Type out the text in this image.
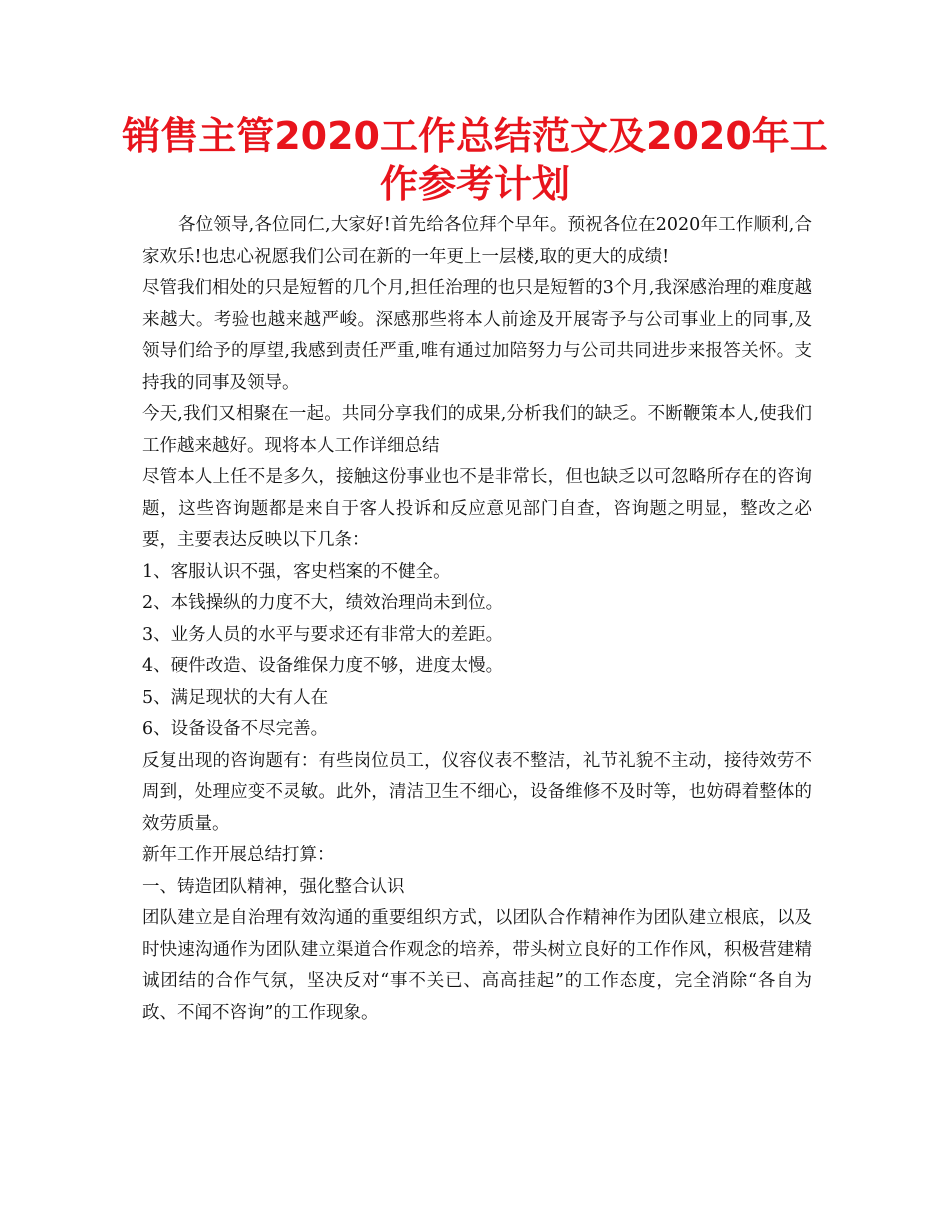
销售主管2020工作总结范文及2020年工作参考计划

各位领导,各位同仁,大家好!首先给各位拜个早年。预祝各位在2020年工作顺利,合家欢乐!也忠心祝愿我们公司在新的一年更上一层楼,取的更大的成绩!

尽管我们相处的只是短暂的几个月,担任治理的也只是短暂的3个月,我深感治理的难度越来越大。考验也越来越严峻。深感那些将本人前途及开展寄予与公司事业上的同事,及领导们给予的厚望,我感到责任严重,唯有通过加陪努力与公司共同进步来报答关怀。支持我的同事及领导。

今天,我们又相聚在一起。共同分享我们的成果,分析我们的缺乏。不断鞭策本人,使我们工作越来越好。现将本人工作详细总结

尽管本人上任不是多久，接触这份事业也不是非常长，但也缺乏以可忽略所存在的咨询题，这些咨询题都是来自于客人投诉和反应意见部门自查，咨询题之明显，整改之必要，主要表达反映以下几条：

1、客服认识不强，客史档案的不健全。

2、本钱操纵的力度不大，绩效治理尚未到位。

3、业务人员的水平与要求还有非常大的差距。

4、硬件改造、设备维保力度不够，进度太慢。

5、满足现状的大有人在

6、设备设备不尽完善。

反复出现的咨询题有：有些岗位员工，仪容仪表不整洁，礼节礼貌不主动，接待效劳不周到，处理应变不灵敏。此外，清洁卫生不细心，设备维修不及时等，也妨碍着整体的效劳质量。

新年工作开展总结打算：

一、铸造团队精神，强化整合认识

团队建立是自治理有效沟通的重要组织方式，以团队合作精神作为团队建立根底，以及时快速沟通作为团队建立渠道合作观念的培养，带头树立良好的工作作风，积极营建精诚团结的合作气氛，坚决反对“事不关已、高高挂起”的工作态度，完全消除“各自为政、不闻不咨询”的工作现象。
